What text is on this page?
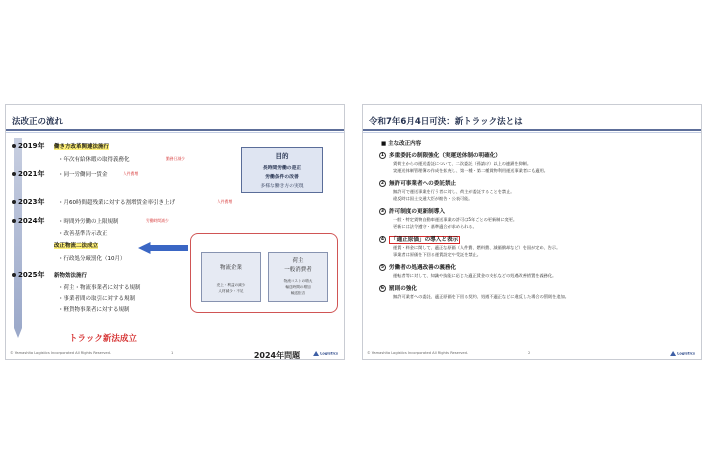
法改正の流れ
2019年 働き方改革関連法施行
・年次有給休暇の取得義務化	勤務日減少
2021年 ・同一労働同一賃金	人件費増
2023年 ・月60時間超残業に対する割増賃金率引き上げ	人件費増
2024年 ・時間外労働の上限規制	労働時間減少
・改善基準告示改正
改正物流二法成立
・行政処分厳罰化（10月）
2025年 新物効法施行
・荷主・物流事業者に対する規制
・事業者間の取引に対する規制
・軽貨物事業者に対する規制
目的
長時間労働の是正
労働条件の改善
多様な働き方の実現
2024年問題
物流企業
売上・利益の減少
人材減少・不足
荷主
一般消費者
物流コストの増大
輸送時間の増加
輸送拒否
トラック新法成立
© Yamashita Logistics Incorporated All Rights Reserved.	1	Logistics
令和7年6月4日可決：新トラック法とは
■ 主な改正内容
1 多重委託の制限強化（実運送体制の明確化）
貨荷主からの運送委託について、二次委託（孫請け）以上の連鎖を抑制。
実運送体制管理簿の作成を拡充し、第一種・第二種貨物利用運送事業者にも適用。
2 無許可事業者への委託禁止
無許可で運送事業を行う者に対し、荷主が委託することを禁止。
違反時は国土交通大臣が勧告・公表可能。
3 許可制度の更新制導入
一般・特定貨物自動車運送事業の許可は5年ごとの更新制に変更。
更新には法令遵守・基準適合が求められる。
4 「適正原価」の導入と表示
運賃・料金に関して、適正な原価（人件費、燃料費、減価償却など）を国が定め、告示。
事業者は原価を下回る運賃設定や受託を禁止。
5 労働者の処遇改善の義務化
運転者等に対して、知識や技能に応じた適正賃金の支払などの処遇改善措置を義務化。
6 罰則の強化
無許可業者への委託、適正原価を下回る契約、処遇不適正などに違反した場合の罰則を追加。
© Yamashita Logistics Incorporated All Rights Reserved.	2	Logistics
